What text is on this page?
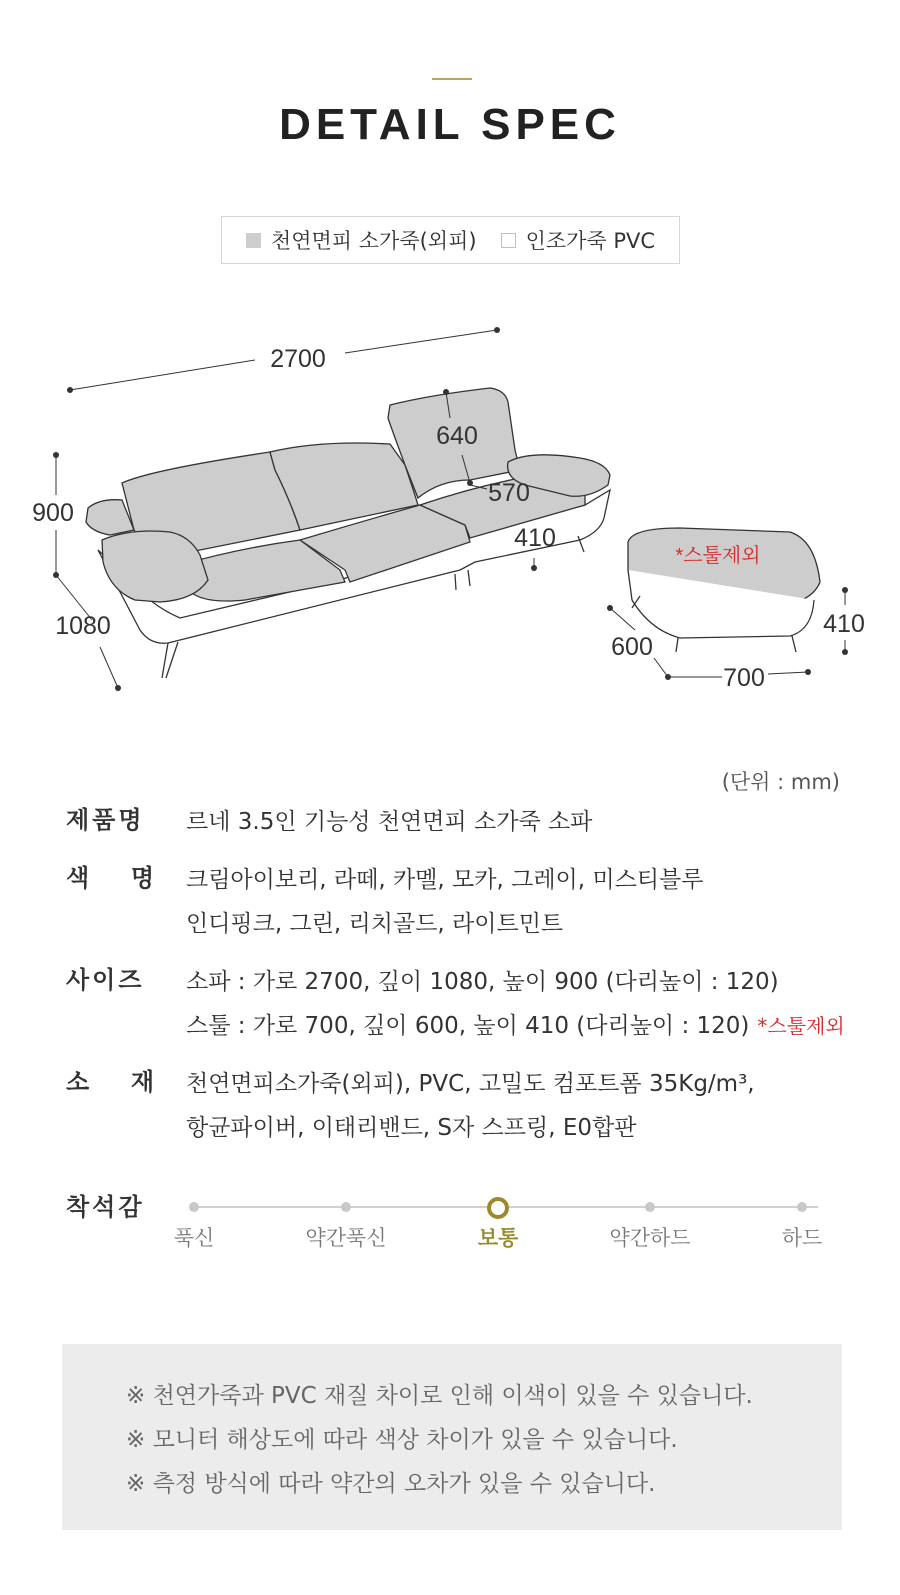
DETAIL SPEC
천연면피 소가죽(외피) 인조가죽 PVC
2700
900
1080
640
570
410
*스툴제외
600
700
410
(단위 : mm)
제품명	르네 3.5인 기능성 천연면피 소가죽 소파
색 명 크림아이보리, 라떼, 카멜, 모카, 그레이, 미스티블루
인디핑크, 그린, 리치골드, 라이트민트
사이즈	소파 : 가로 2700, 깊이 1080, 높이 900 (다리높이 : 120)
스툴 : 가로 700, 깊이 600, 높이 410 (다리높이 : 120) *스툴제외
소 재 천연면피소가죽(외피), PVC, 고밀도 컴포트폼 35Kg/m³,
항균파이버, 이태리밴드, S자 스프링, E0합판
착석감
푹신	약간푹신	보통	약간하드	하드
※ 천연가죽과 PVC 재질 차이로 인해 이색이 있을 수 있습니다.
※ 모니터 해상도에 따라 색상 차이가 있을 수 있습니다.
※ 측정 방식에 따라 약간의 오차가 있을 수 있습니다.
